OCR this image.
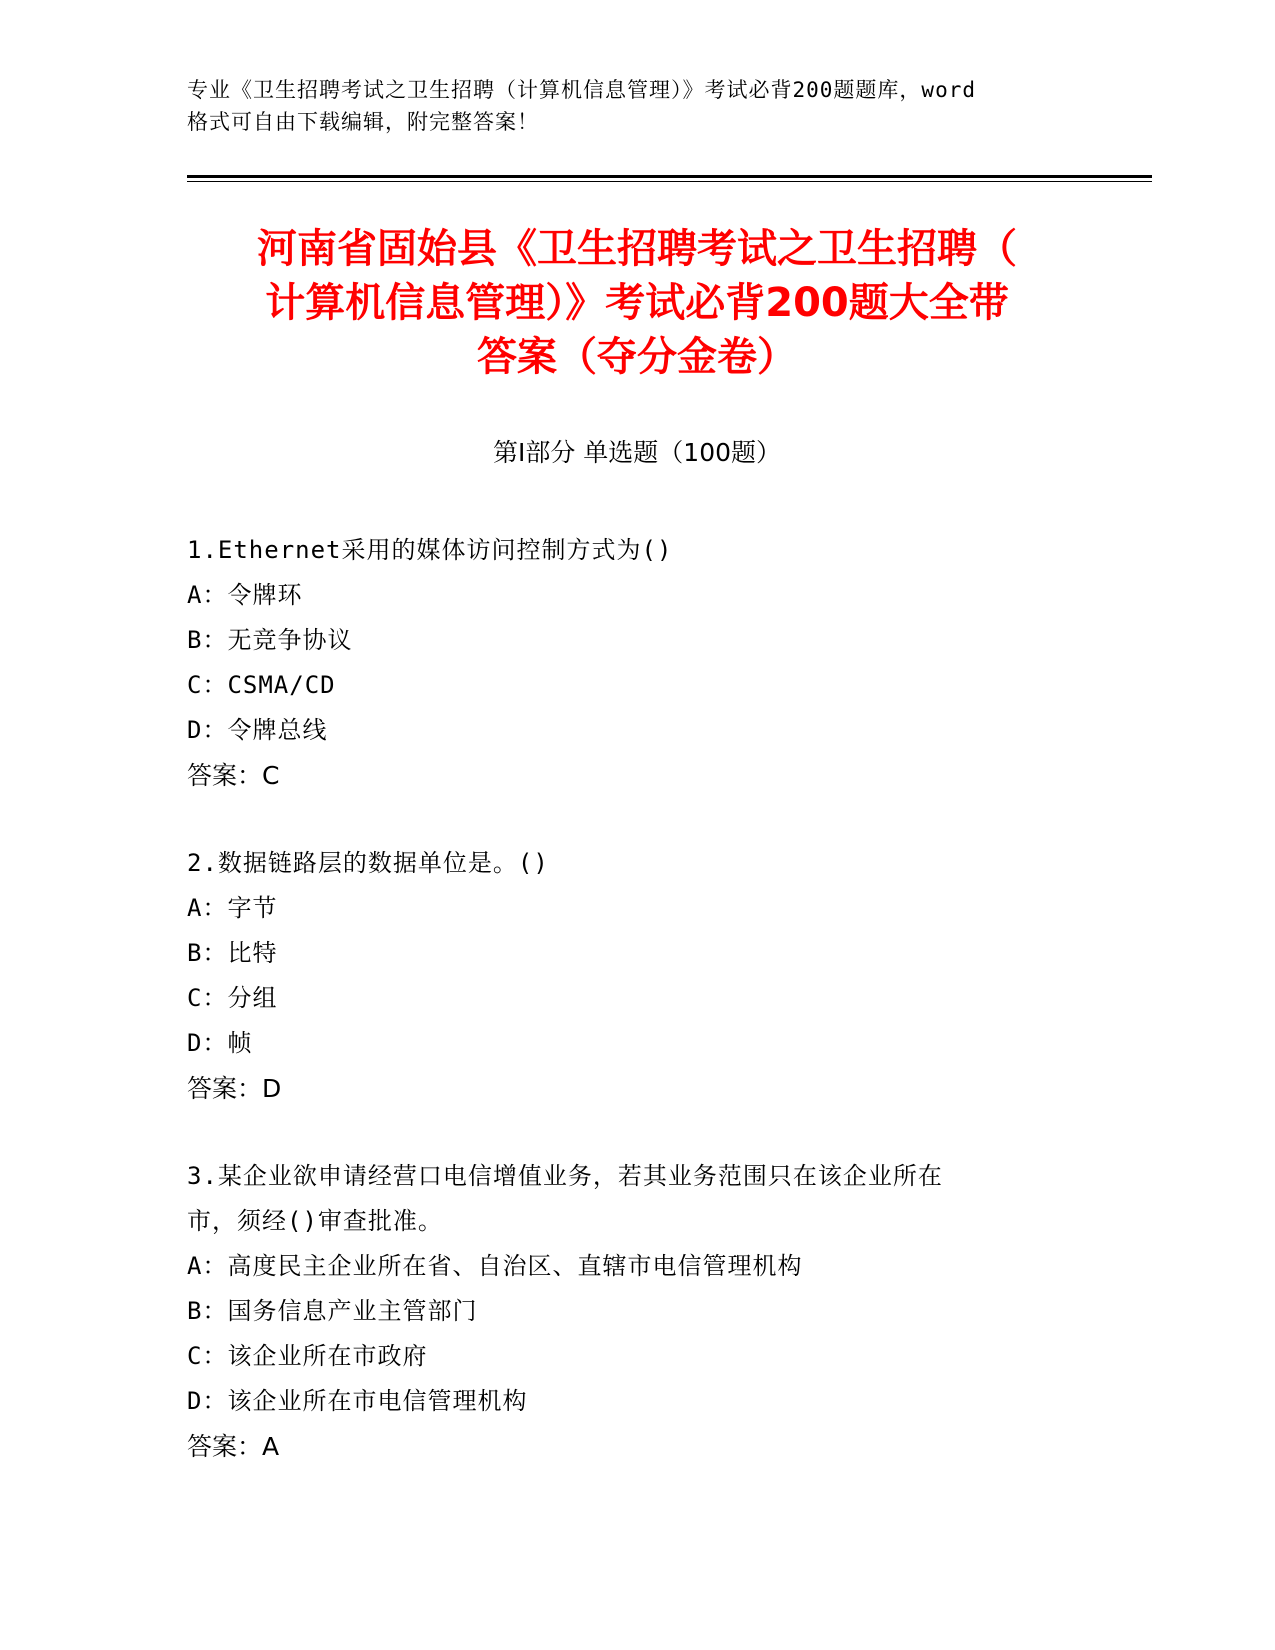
专业《卫生招聘考试之卫生招聘（计算机信息管理）》考试必背200题题库，word
格式可自由下载编辑，附完整答案！
河南省固始县《卫生招聘考试之卫生招聘（
计算机信息管理）》考试必背200题大全带
答案（夺分金卷）
第Ⅰ部分 单选题（100题）

1.Ethernet采用的媒体访问控制方式为()

A：令牌环

B：无竞争协议

C：CSMA/CD

D：令牌总线

答案：C

2.数据链路层的数据单位是。()

A：字节

B：比特

C：分组

D：帧

答案：D

3.某企业欲申请经营口电信增值业务，若其业务范围只在该企业所在

市，须经()审查批准。

A：高度民主企业所在省、自治区、直辖市电信管理机构

B：国务信息产业主管部门

C：该企业所在市政府

D：该企业所在市电信管理机构

答案：A
